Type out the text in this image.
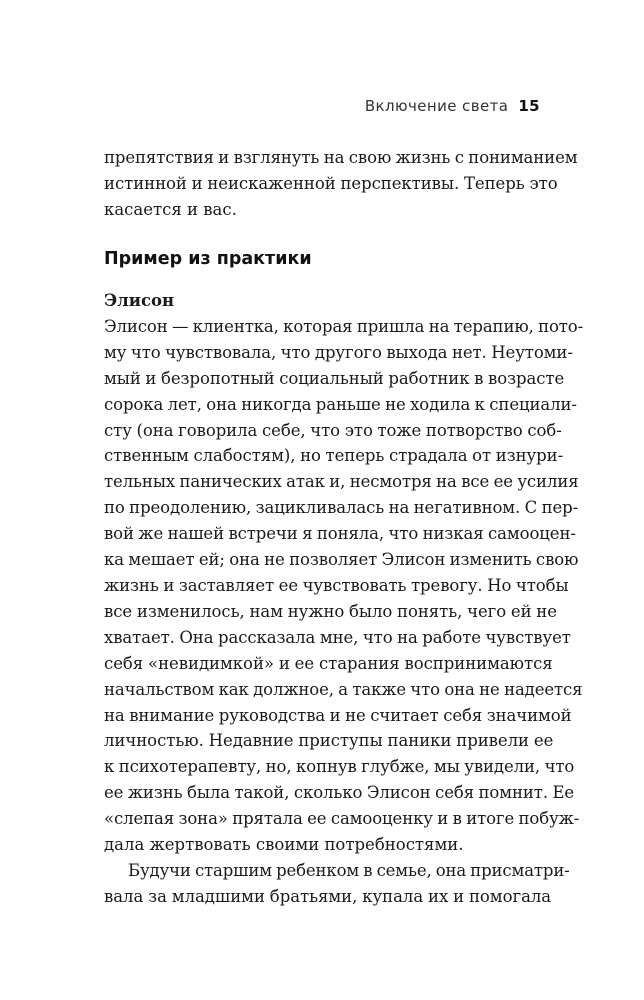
Включение света 15

препятствия и взглянуть на свою жизнь с пониманием
истинной и неискаженной перспективы. Теперь это
касается и вас.

Пример из практики
Элисон

Элисон — клиентка, которая пришла на терапию, пото-
му что чувствовала, что другого выхода нет. Неутоми-
мый и безропотный социальный работник в возрасте
сорока лет, она никогда раньше не ходила к специали-
сту (она говорила себе, что это тоже потворство соб-
ственным слабостям), но теперь страдала от изнури-
тельных панических атак и, несмотря на все ее усилия
по преодолению, зацикливалась на негативном. С пер-
вой же нашей встречи я поняла, что низкая самооцен-
ка мешает ей; она не позволяет Элисон изменить свою
жизнь и заставляет ее чувствовать тревогу. Но чтобы
все изменилось, нам нужно было понять, чего ей не
хватает. Она рассказала мне, что на работе чувствует
себя «невидимкой» и ее старания воспринимаются
начальством как должное, а также что она не надеется
на внимание руководства и не считает себя значимой
личностью. Недавние приступы паники привели ее
к психотерапевту, но, копнув глубже, мы увидели, что
ее жизнь была такой, сколько Элисон себя помнит. Ее
«слепая зона» прятала ее самооценку и в итоге побуж-
дала жертвовать своими потребностями.

Будучи старшим ребенком в семье, она присматри-
вала за младшими братьями, купала их и помогала
